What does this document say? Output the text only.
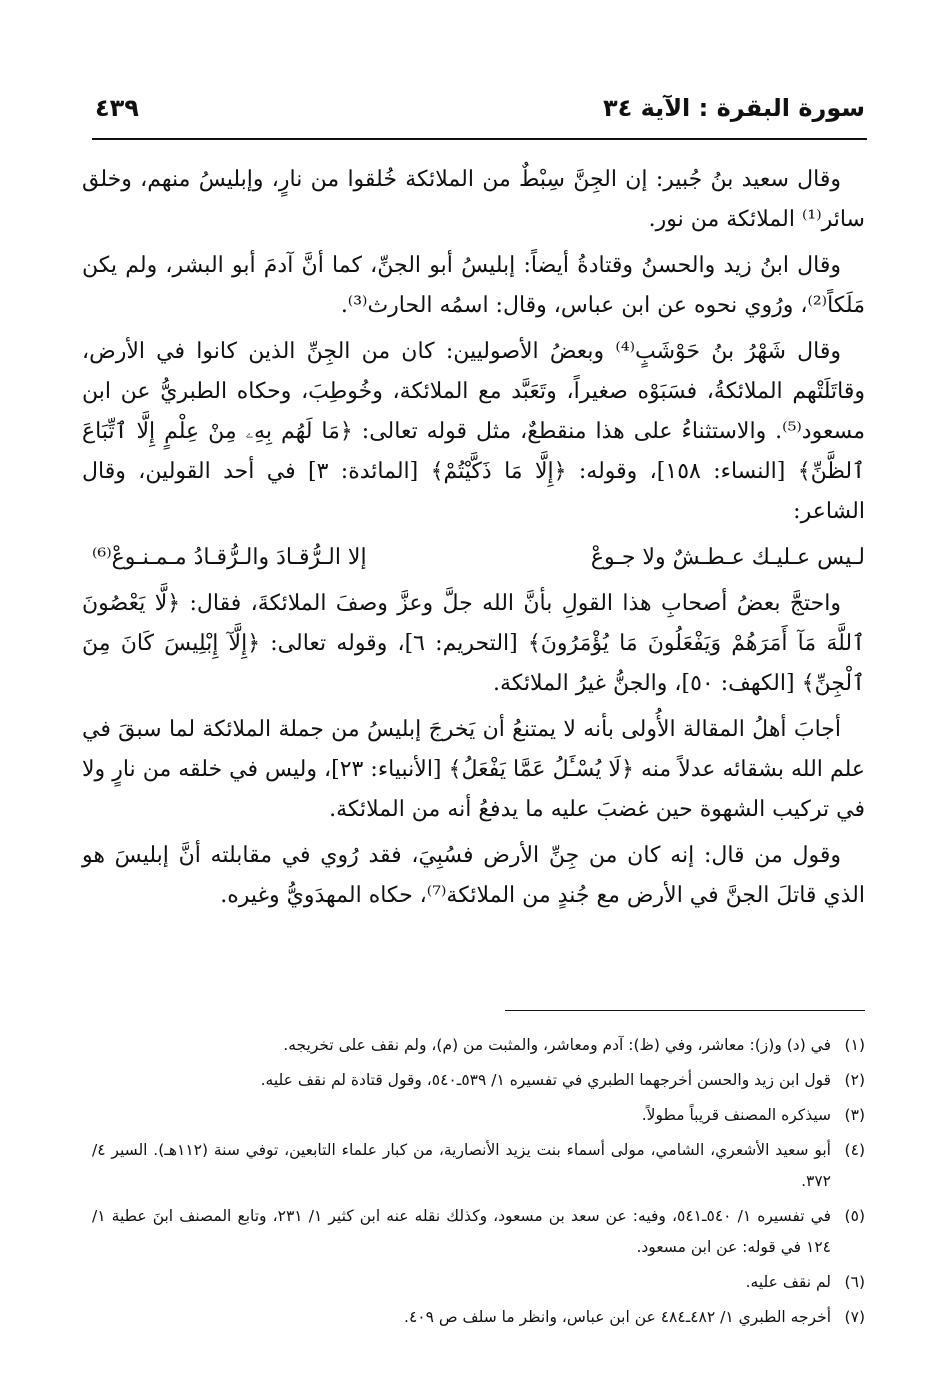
سورة البقرة : الآية ٣٤
٤٣٩

وقال سعيد بنُ جُبير: إن الجِنَّ سِبْطٌ من الملائكة خُلقوا من نارٍ، وإبليسُ منهم، وخلق سائر⁽¹⁾ الملائكة من نور.

وقال ابنُ زيد والحسنُ وقتادةُ أيضاً: إبليسُ أبو الجنِّ، كما أنَّ آدمَ أبو البشر، ولم يكن مَلَكاً⁽²⁾، ورُوي نحوه عن ابن عباس، وقال: اسمُه الحارث⁽³⁾.

وقال شَهْرُ بنُ حَوْشَبٍ⁽⁴⁾ وبعضُ الأصوليين: كان من الجِنِّ الذين كانوا في الأرض، وقاتَلَتْهم الملائكةُ، فسَبَوْه صغيراً، وتَعَبَّد مع الملائكة، وخُوطِبَ، وحكاه الطبريُّ عن ابن مسعود⁽⁵⁾. والاستثناءُ على هذا منقطعٌ، مثل قوله تعالى: ﴿مَا لَهُم بِهِۦ مِنْ عِلْمٍ إِلَّا ٱتِّبَاعَ ٱلظَّنِّ﴾ [النساء: ١٥٨]، وقوله: ﴿إِلَّا مَا ذَكَّيْتُمْ﴾ [المائدة: ٣] في أحد القولين، وقال الشاعر:

لـيس عـليـك عـطـشٌ ولا جـوعْ
إلا الـرُّقـادَ والـرُّقـادُ مـمـنـوعْ⁽⁶⁾

واحتجَّ بعضُ أصحابِ هذا القولِ بأنَّ الله جلَّ وعزَّ وصفَ الملائكةَ، فقال: ﴿لَّا يَعْصُونَ ٱللَّهَ مَآ أَمَرَهُمْ وَيَفْعَلُونَ مَا يُؤْمَرُونَ﴾ [التحريم: ٦]، وقوله تعالى: ﴿إِلَّآ إِبْلِيسَ كَانَ مِنَ ٱلْجِنِّ﴾ [الكهف: ٥٠]، والجنُّ غيرُ الملائكة.

أجابَ أهلُ المقالة الأُولى بأنه لا يمتنعُ أن يَخرجَ إبليسُ من جملة الملائكة لما سبقَ في علم الله بشقائه عدلاً منه ﴿لَا يُسْـَٔلُ عَمَّا يَفْعَلُ﴾ [الأنبياء: ٢٣]، وليس في خلقه من نارٍ ولا في تركيب الشهوة حين غضبَ عليه ما يدفعُ أنه من الملائكة.

وقول من قال: إنه كان من جِنِّ الأرض فسُبِيَ، فقد رُوي في مقابلته أنَّ إبليسَ هو الذي قاتلَ الجنَّ في الأرض مع جُندٍ من الملائكة⁽⁷⁾، حكاه المهدَويُّ وغيره.

(١)
في (د) و(ز): معاشر، وفي (ظ): آدم ومعاشر، والمثبت من (م)، ولم نقف على تخريجه.
(٢)
قول ابن زيد والحسن أخرجهما الطبري في تفسيره ١/ ٥٣٩ـ٥٤٠، وقول قتادة لم نقف عليه.
(٣)
سيذكره المصنف قريباً مطولاً.
(٤)
أبو سعيد الأشعري، الشامي، مولى أسماء بنت يزيد الأنصارية، من كبار علماء التابعين، توفي سنة (١١٢هـ). السير ٤/ ٣٧٢.
(٥)
في تفسيره ١/ ٥٤٠ـ٥٤١، وفيه: عن سعد بن مسعود، وكذلك نقله عنه ابن كثير ١/ ٢٣١، وتابع المصنف ابنَ عطية ١/ ١٢٤ في قوله: عن ابن مسعود.
(٦)
لم نقف عليه.
(٧)
أخرجه الطبري ١/ ٤٨٢ـ٤٨٤ عن ابن عباس، وانظر ما سلف ص ٤٠٩.
